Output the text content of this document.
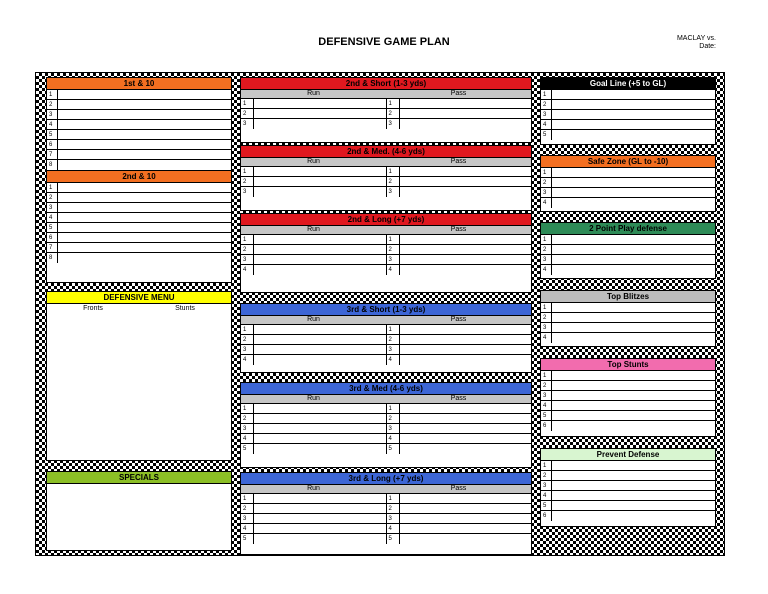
DEFENSIVE GAME PLAN	MACLAY vs.
Date:
1st & 10
1
2
3
4
5
6
7
8
2nd & 10
1
2
3
4
5
6
7
8
DEFENSIVE MENU
Fronts	Stunts
SPECIALS
2nd & Short (1-3 yds)
Run	Pass
1	1
2	2
3	3
2nd & Med. (4-6 yds)
Run	Pass
1	1
2	2
3	3
2nd & Long (+7 yds)
Run	Pass
1	1
2	2
3	3
4	4
3rd & Short (1-3 yds)
Run	Pass
1	1
2	2
3	3
4	4
3rd & Med (4-6 yds)
Run	Pass
1	1
2	2
3	3
4	4
5	5
3rd & Long (+7 yds)
Run	Pass
1	1
2	2
3	3
4	4
5	5
Goal Line (+5 to GL)
1
2
3
4
5
Safe Zone (GL to -10)
1
2
3
4
2 Point Play defense
1
2
3
4
Top Blitzes
1
2
3
4
Top Stunts
1
2
3
4
5
6
Prevent Defense
1
2
3
4
5
6
